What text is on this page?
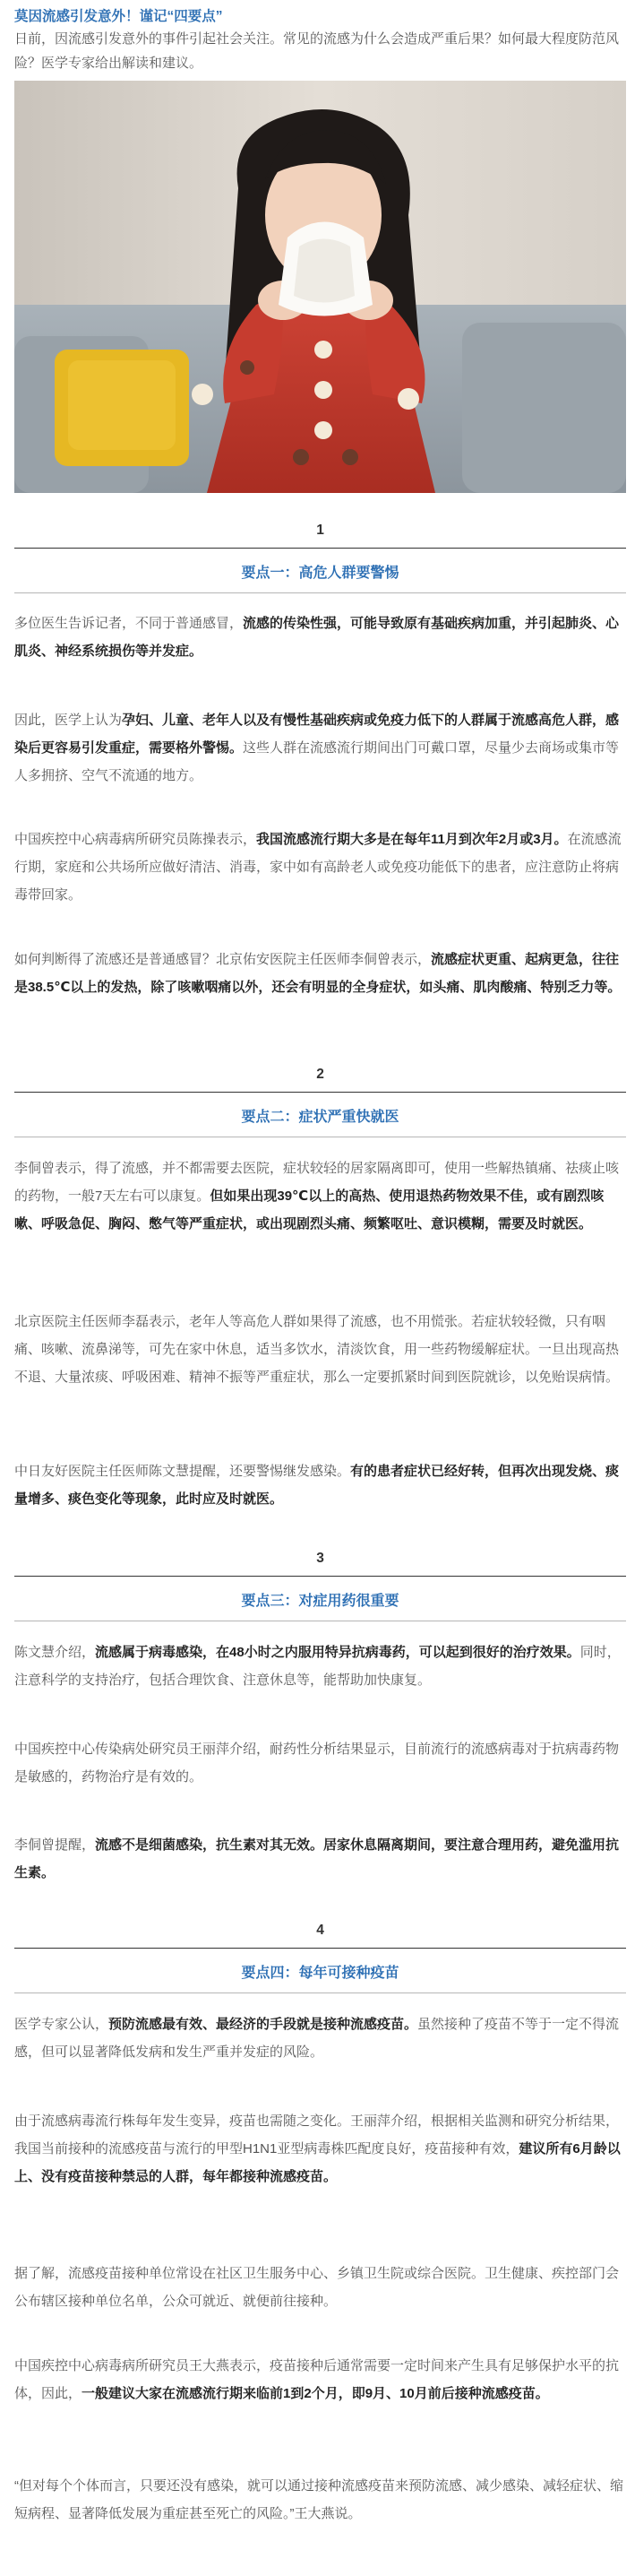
莫因流感引发意外！谨记“四要点”

日前，因流感引发意外的事件引起社会关注。常见的流感为什么会造成严重后果？如何最大程度防范风险？医学专家给出解读和建议。

1
要点一：高危人群要警惕

多位医生告诉记者，不同于普通感冒，流感的传染性强，可能导致原有基础疾病加重，并引起肺炎、心肌炎、神经系统损伤等并发症。

因此，医学上认为孕妇、儿童、老年人以及有慢性基础疾病或免疫力低下的人群属于流感高危人群，感染后更容易引发重症，需要格外警惕。这些人群在流感流行期间出门可戴口罩，尽量少去商场或集市等人多拥挤、空气不流通的地方。

中国疾控中心病毒病所研究员陈操表示，我国流感流行期大多是在每年11月到次年2月或3月。在流感流行期，家庭和公共场所应做好清洁、消毒，家中如有高龄老人或免疫功能低下的患者，应注意防止将病毒带回家。

如何判断得了流感还是普通感冒？北京佑安医院主任医师李侗曾表示，流感症状更重、起病更急，往往是38.5℃以上的发热，除了咳嗽咽痛以外，还会有明显的全身症状，如头痛、肌肉酸痛、特别乏力等。

2
要点二：症状严重快就医

李侗曾表示，得了流感，并不都需要去医院，症状较轻的居家隔离即可，使用一些解热镇痛、祛痰止咳的药物，一般7天左右可以康复。但如果出现39℃以上的高热、使用退热药物效果不佳，或有剧烈咳嗽、呼吸急促、胸闷、憋气等严重症状，或出现剧烈头痛、频繁呕吐、意识模糊，需要及时就医。

北京医院主任医师李磊表示，老年人等高危人群如果得了流感，也不用慌张。若症状较轻微，只有咽痛、咳嗽、流鼻涕等，可先在家中休息，适当多饮水，清淡饮食，用一些药物缓解症状。一旦出现高热不退、大量浓痰、呼吸困难、精神不振等严重症状，那么一定要抓紧时间到医院就诊，以免贻误病情。

中日友好医院主任医师陈文慧提醒，还要警惕继发感染。有的患者症状已经好转，但再次出现发烧、痰量增多、痰色变化等现象，此时应及时就医。

3
要点三：对症用药很重要

陈文慧介绍，流感属于病毒感染，在48小时之内服用特异抗病毒药，可以起到很好的治疗效果。同时，注意科学的支持治疗，包括合理饮食、注意休息等，能帮助加快康复。

中国疾控中心传染病处研究员王丽萍介绍，耐药性分析结果显示，目前流行的流感病毒对于抗病毒药物是敏感的，药物治疗是有效的。

李侗曾提醒，流感不是细菌感染，抗生素对其无效。居家休息隔离期间，要注意合理用药，避免滥用抗生素。

4
要点四：每年可接种疫苗

医学专家公认，预防流感最有效、最经济的手段就是接种流感疫苗。虽然接种了疫苗不等于一定不得流感，但可以显著降低发病和发生严重并发症的风险。

由于流感病毒流行株每年发生变异，疫苗也需随之变化。王丽萍介绍，根据相关监测和研究分析结果，我国当前接种的流感疫苗与流行的甲型H1N1亚型病毒株匹配度良好，疫苗接种有效，建议所有6月龄以上、没有疫苗接种禁忌的人群，每年都接种流感疫苗。

据了解，流感疫苗接种单位常设在社区卫生服务中心、乡镇卫生院或综合医院。卫生健康、疾控部门会公布辖区接种单位名单，公众可就近、就便前往接种。

中国疾控中心病毒病所研究员王大燕表示，疫苗接种后通常需要一定时间来产生具有足够保护水平的抗体，因此，一般建议大家在流感流行期来临前1到2个月，即9月、10月前后接种流感疫苗。

“但对每个个体而言，只要还没有感染，就可以通过接种流感疫苗来预防流感、减少感染、减轻症状、缩短病程、显著降低发展为重症甚至死亡的风险。”王大燕说。
